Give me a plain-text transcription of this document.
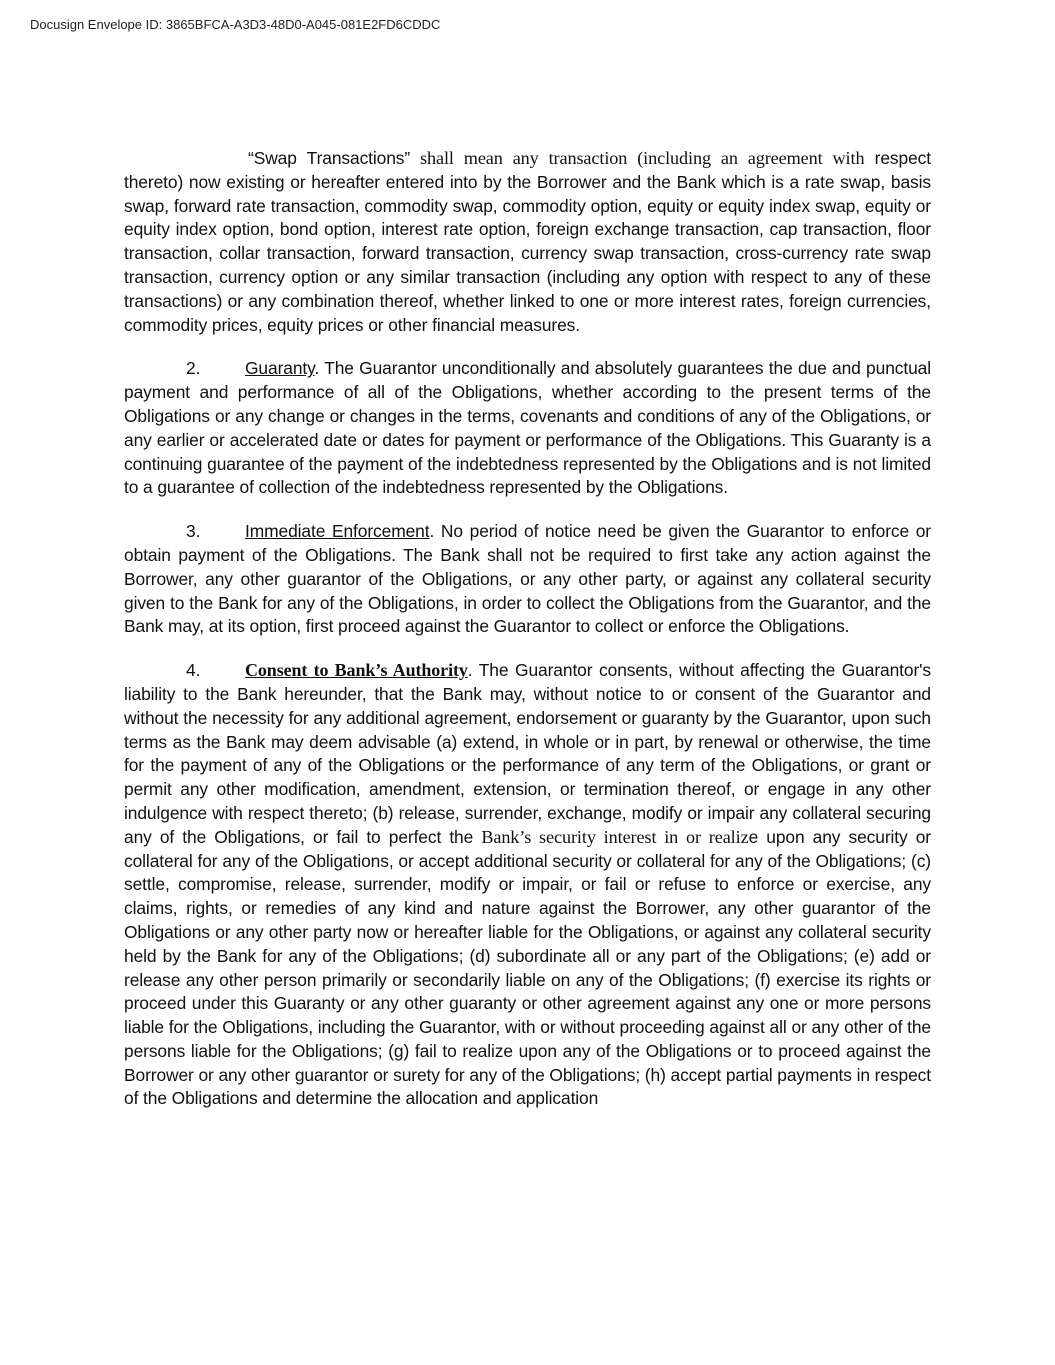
Docusign Envelope ID: 3865BFCA-A3D3-48D0-A045-081E2FD6CDDC

“Swap Transactions” shall mean any transaction (including an agreement with respect thereto) now existing or hereafter entered into by the Borrower and the Bank which is a rate swap, basis swap, forward rate transaction, commodity swap, commodity option, equity or equity index swap, equity or equity index option, bond option, interest rate option, foreign exchange transaction, cap transaction, floor transaction, collar transaction, forward transaction, currency swap transaction, cross-currency rate swap transaction, currency option or any similar transaction (including any option with respect to any of these transactions) or any combination thereof, whether linked to one or more interest rates, foreign currencies, commodity prices, equity prices or other financial measures.

2.	Guaranty. The Guarantor unconditionally and absolutely guarantees the due and punctual payment and performance of all of the Obligations, whether according to the present terms of the Obligations or any change or changes in the terms, covenants and conditions of any of the Obligations, or any earlier or accelerated date or dates for payment or performance of the Obligations. This Guaranty is a continuing guarantee of the payment of the indebtedness represented by the Obligations and is not limited to a guarantee of collection of the indebtedness represented by the Obligations.

3.	Immediate Enforcement. No period of notice need be given the Guarantor to enforce or obtain payment of the Obligations. The Bank shall not be required to first take any action against the Borrower, any other guarantor of the Obligations, or any other party, or against any collateral security given to the Bank for any of the Obligations, in order to collect the Obligations from the Guarantor, and the Bank may, at its option, first proceed against the Guarantor to collect or enforce the Obligations.

4. Consent to Bank’s Authority. The Guarantor consents, without affecting the Guarantor's liability to the Bank hereunder, that the Bank may, without notice to or consent of the Guarantor and without the necessity for any additional agreement, endorsement or guaranty by the Guarantor, upon such terms as the Bank may deem advisable (a) extend, in whole or in part, by renewal or otherwise, the time for the payment of any of the Obligations or the performance of any term of the Obligations, or grant or permit any other modification, amendment, extension, or termination thereof, or engage in any other indulgence with respect thereto; (b) release, surrender, exchange, modify or impair any collateral securing any of the Obligations, or fail to perfect the Bank’s security interest in or realize upon any security or collateral for any of the Obligations, or accept additional security or collateral for any of the Obligations; (c) settle, compromise, release, surrender, modify or impair, or fail or refuse to enforce or exercise, any claims, rights, or remedies of any kind and nature against the Borrower, any other guarantor of the Obligations or any other party now or hereafter liable for the Obligations, or against any collateral security held by the Bank for any of the Obligations; (d) subordinate all or any part of the Obligations; (e) add or release any other person primarily or secondarily liable on any of the Obligations; (f) exercise its rights or proceed under this Guaranty or any other guaranty or other agreement against any one or more persons liable for the Obligations, including the Guarantor, with or without proceeding against all or any other of the persons liable for the Obligations; (g) fail to realize upon any of the Obligations or to proceed against the Borrower or any other guarantor or surety for any of the Obligations; (h) accept partial payments in respect of the Obligations and determine the allocation and application
